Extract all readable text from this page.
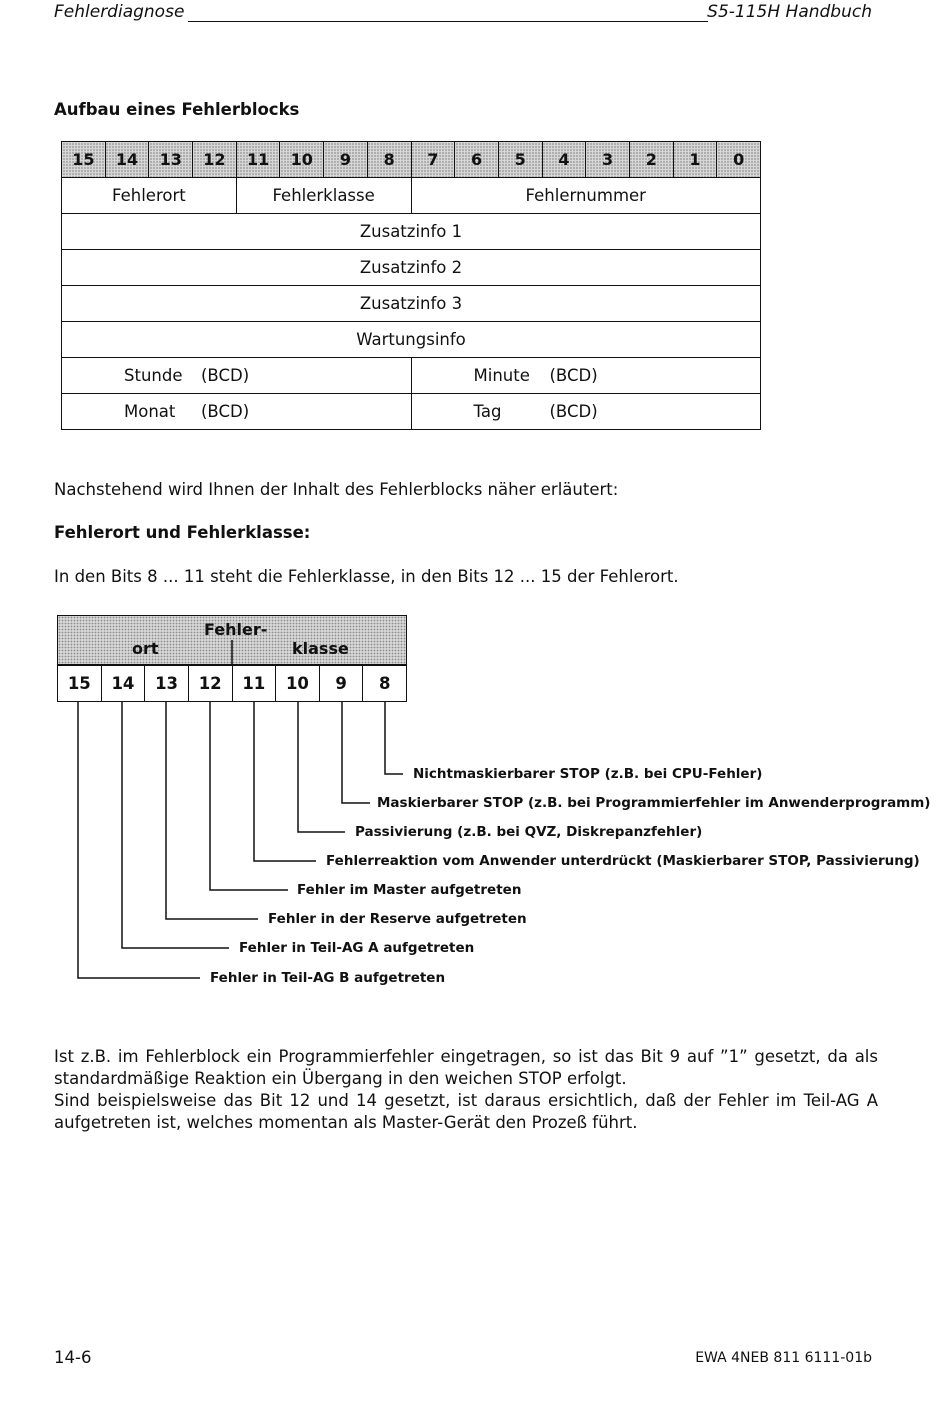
Fehlerdiagnose	S5-115H Handbuch
Aufbau eines Fehlerblocks
15	14	13	12	11	10	9	8	7	6	5	4	3	2	1	0
Fehlerort				Fehlerklasse				Fehlernummer							
Zusatzinfo 1															
Zusatzinfo 2															
Zusatzinfo 3															
Wartungsinfo															
Stunde (BCD)								Minute (BCD)							
Monat (BCD)								Tag (BCD)							
Nachstehend wird Ihnen der Inhalt des Fehlerblocks näher erläutert:
Fehlerort und Fehlerklasse:
In den Bits 8 ... 11 steht die Fehlerklasse, in den Bits 12 ... 15 der Fehlerort.
Fehler-
ort	klasse
15	14	13	12	11	10	9	8
Nichtmaskierbarer STOP (z.B. bei CPU-Fehler)
Maskierbarer STOP (z.B. bei Programmierfehler im Anwenderprogramm)
Passivierung (z.B. bei QVZ, Diskrepanzfehler)
Fehlerreaktion vom Anwender unterdrückt (Maskierbarer STOP, Passivierung)
Fehler im Master aufgetreten
Fehler in der Reserve aufgetreten
Fehler in Teil-AG A aufgetreten
Fehler in Teil-AG B aufgetreten
Ist z.B. im Fehlerblock ein Programmierfehler eingetragen, so ist das Bit 9 auf ”1” gesetzt, da als
standardmäßige Reaktion ein Übergang in den weichen STOP erfolgt.
Sind beispielsweise das Bit 12 und 14 gesetzt, ist daraus ersichtlich, daß der Fehler im Teil-AG A
aufgetreten ist, welches momentan als Master-Gerät den Prozeß führt.
14-6	EWA 4NEB 811 6111-01b
